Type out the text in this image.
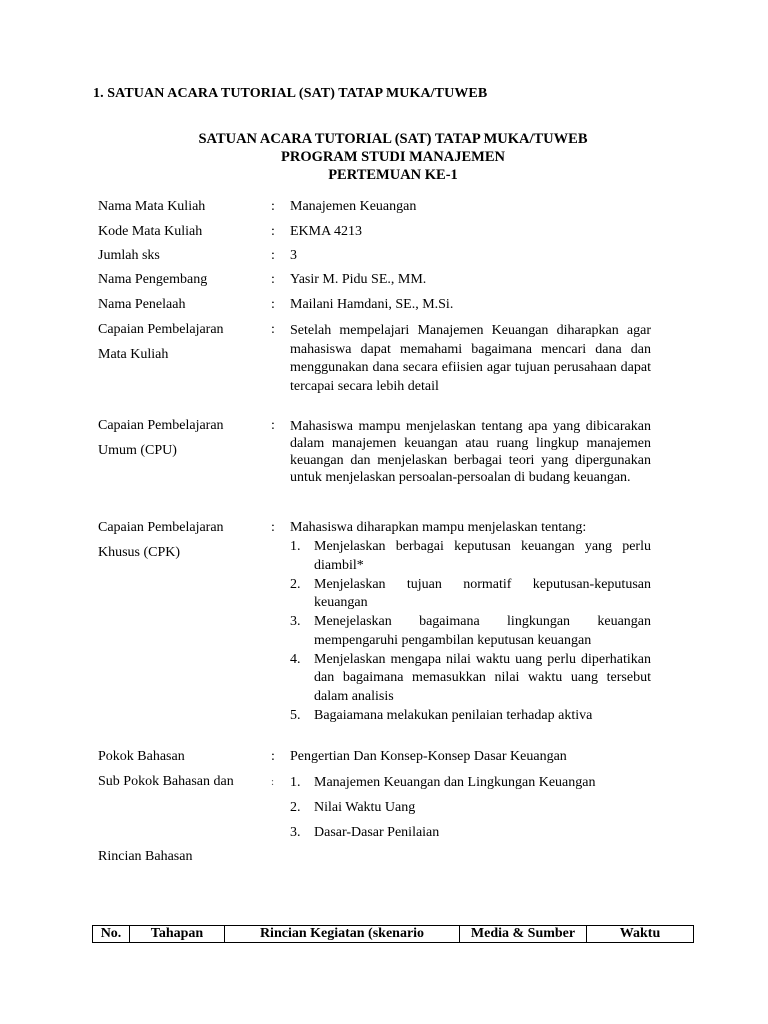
1. SATUAN ACARA TUTORIAL (SAT) TATAP MUKA/TUWEB
SATUAN ACARA TUTORIAL (SAT) TATAP MUKA/TUWEB
PROGRAM STUDI MANAJEMEN
PERTEMUAN KE-1
Nama Mata Kuliah	: Manajemen Keuangan
Kode Mata Kuliah	: EKMA 4213
Jumlah sks	: 3
Nama Pengembang	: Yasir M. Pidu SE., MM.
Nama Penelaah	: Mailani Hamdani, SE., M.Si.
Capaian Pembelajaran
Mata Kuliah
: Setelah mempelajari Manajemen Keuangan diharapkan agar mahasiswa dapat memahami bagaimana mencari dana dan menggunakan dana secara efiisien agar tujuan perusahaan dapat tercapai secara lebih detail
Capaian Pembelajaran
Umum (CPU)
: Mahasiswa mampu menjelaskan tentang apa yang dibicarakan dalam manajemen keuangan atau ruang lingkup manajemen keuangan dan menjelaskan berbagai teori yang dipergunakan untuk menjelaskan persoalan-persoalan di budang keuangan.
Capaian Pembelajaran
Khusus (CPK)
: Mahasiswa diharapkan mampu menjelaskan tentang:
1. Menjelaskan berbagai keputusan keuangan yang perlu diambil*
2. Menjelaskan tujuan normatif keputusan-keputusan keuangan
3. Menejelaskan bagaimana lingkungan keuangan mempengaruhi pengambilan keputusan keuangan
4. Menjelaskan mengapa nilai waktu uang perlu diperhatikan dan bagaimana memasukkan nilai waktu uang tersebut dalam analisis
5. Bagaiamana melakukan penilaian terhadap aktiva
Pokok Bahasan	: Pengertian Dan Konsep-Konsep Dasar Keuangan
Sub Pokok Bahasan dan
Rincian Bahasan
: 1. Manajemen Keuangan dan Lingkungan Keuangan
2. Nilai Waktu Uang
3. Dasar-Dasar Penilaian
No.	Tahapan	Rincian Kegiatan (skenario	Media & Sumber	Waktu
